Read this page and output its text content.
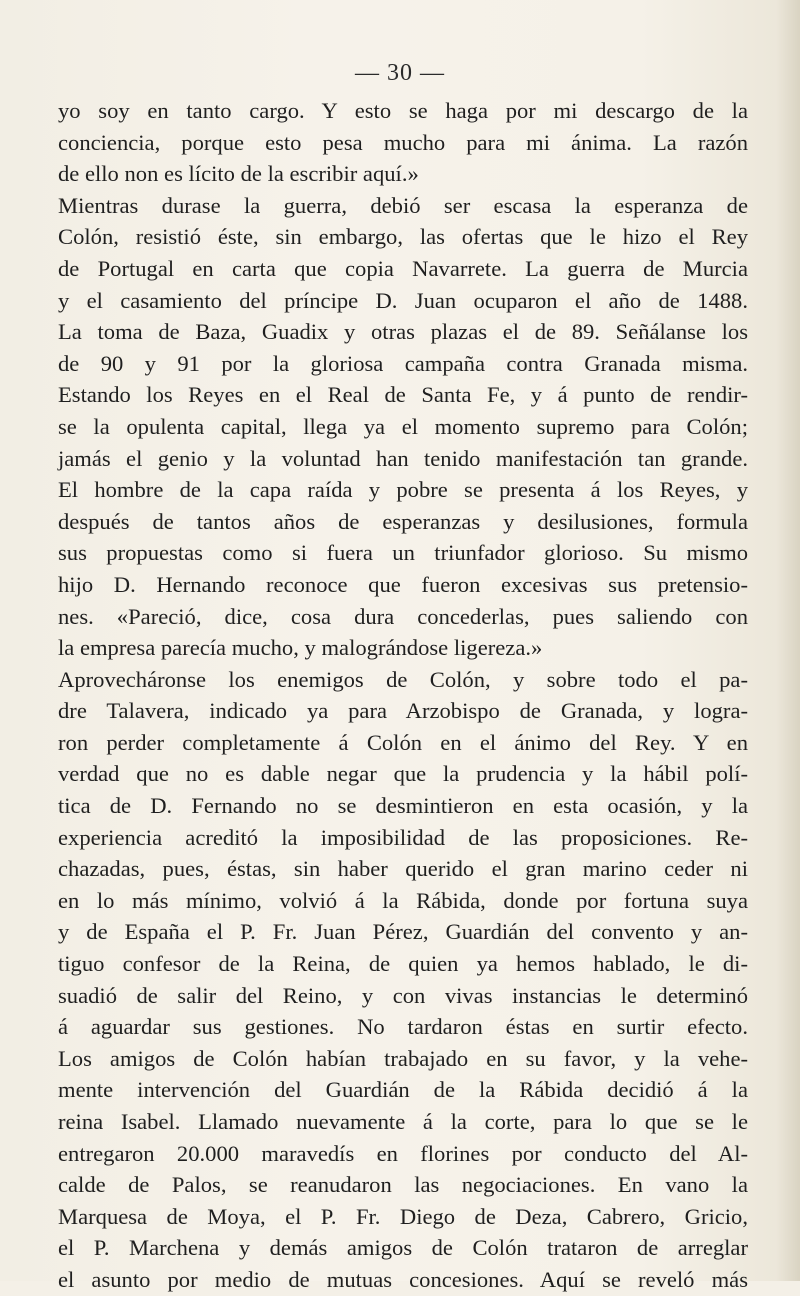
— 30 —
yo soy en tanto cargo. Y esto se haga por mi descargo de la
conciencia, porque esto pesa mucho para mi ánima. La razón
de ello non es lícito de la escribir aquí.»
Mientras durase la guerra, debió ser escasa la esperanza de
Colón, resistió éste, sin embargo, las ofertas que le hizo el Rey
de Portugal en carta que copia Navarrete. La guerra de Murcia
y el casamiento del príncipe D. Juan ocuparon el año de 1488.
La toma de Baza, Guadix y otras plazas el de 89. Señálanse los
de 90 y 91 por la gloriosa campaña contra Granada misma.
Estando los Reyes en el Real de Santa Fe, y á punto de rendir-
se la opulenta capital, llega ya el momento supremo para Colón;
jamás el genio y la voluntad han tenido manifestación tan grande.
El hombre de la capa raída y pobre se presenta á los Reyes, y
después de tantos años de esperanzas y desilusiones, formula
sus propuestas como si fuera un triunfador glorioso. Su mismo
hijo D. Hernando reconoce que fueron excesivas sus pretensio-
nes. «Pareció, dice, cosa dura concederlas, pues saliendo con
la empresa parecía mucho, y malográndose ligereza.»
Aprovecháronse los enemigos de Colón, y sobre todo el pa-
dre Talavera, indicado ya para Arzobispo de Granada, y logra-
ron perder completamente á Colón en el ánimo del Rey. Y en
verdad que no es dable negar que la prudencia y la hábil polí-
tica de D. Fernando no se desmintieron en esta ocasión, y la
experiencia acreditó la imposibilidad de las proposiciones. Re-
chazadas, pues, éstas, sin haber querido el gran marino ceder ni
en lo más mínimo, volvió á la Rábida, donde por fortuna suya
y de España el P. Fr. Juan Pérez, Guardián del convento y an-
tiguo confesor de la Reina, de quien ya hemos hablado, le di-
suadió de salir del Reino, y con vivas instancias le determinó
á aguardar sus gestiones. No tardaron éstas en surtir efecto.
Los amigos de Colón habían trabajado en su favor, y la vehe-
mente intervención del Guardián de la Rábida decidió á la
reina Isabel. Llamado nuevamente á la corte, para lo que se le
entregaron 20.000 maravedís en florines por conducto del Al-
calde de Palos, se reanudaron las negociaciones. En vano la
Marquesa de Moya, el P. Fr. Diego de Deza, Cabrero, Gricio,
el P. Marchena y demás amigos de Colón trataron de arreglar
el asunto por medio de mutuas concesiones. Aquí se reveló más
